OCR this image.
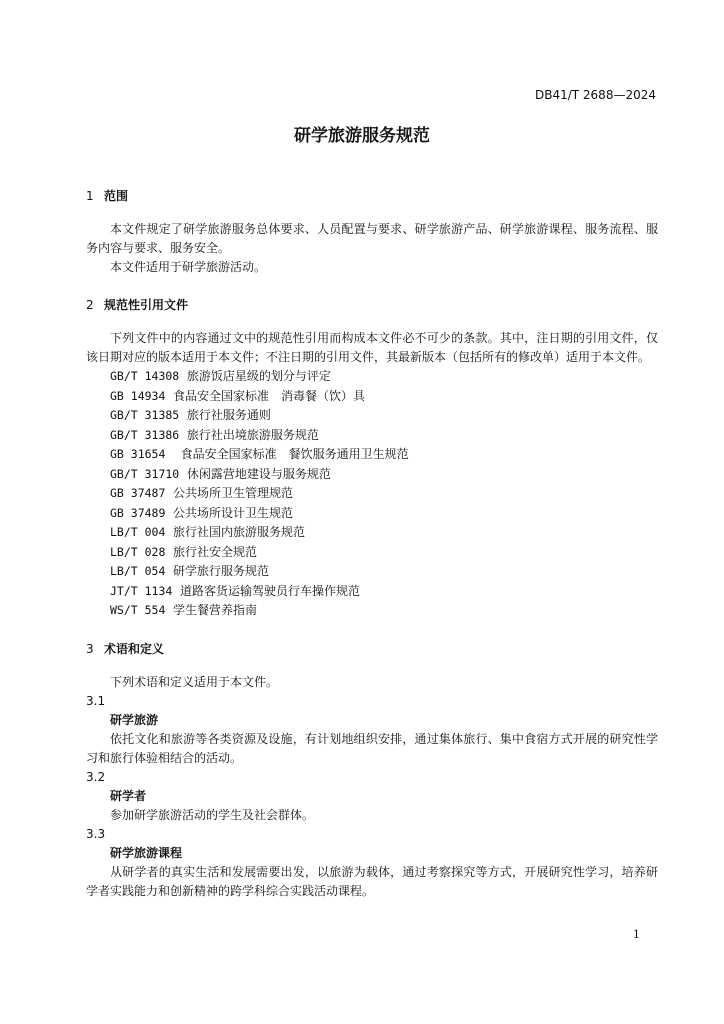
DB41/T 2688—2024
研学旅游服务规范
1 范围

本文件规定了研学旅游服务总体要求、人员配置与要求、研学旅游产品、研学旅游课程、服务流程、服务内容与要求、服务安全。

本文件适用于研学旅游活动。

2 规范性引用文件

下列文件中的内容通过文中的规范性引用而构成本文件必不可少的条款。其中，注日期的引用文件，仅该日期对应的版本适用于本文件；不注日期的引用文件，其最新版本（包括所有的修改单）适用于本文件。

GB/T 14308 旅游饭店星级的划分与评定
GB 14934 食品安全国家标准　消毒餐（饮）具
GB/T 31385 旅行社服务通则
GB/T 31386 旅行社出境旅游服务规范
GB 31654 食品安全国家标准　餐饮服务通用卫生规范
GB/T 31710 休闲露营地建设与服务规范
GB 37487 公共场所卫生管理规范
GB 37489 公共场所设计卫生规范
LB/T 004 旅行社国内旅游服务规范
LB/T 028 旅行社安全规范
LB/T 054 研学旅行服务规范
JT/T 1134 道路客货运输驾驶员行车操作规范
WS/T 554 学生餐营养指南
3 术语和定义

下列术语和定义适用于本文件。

3.1
研学旅游

依托文化和旅游等各类资源及设施，有计划地组织安排，通过集体旅行、集中食宿方式开展的研究性学习和旅行体验相结合的活动。

3.2
研学者

参加研学旅游活动的学生及社会群体。

3.3
研学旅游课程

从研学者的真实生活和发展需要出发，以旅游为载体，通过考察探究等方式，开展研究性学习，培养研学者实践能力和创新精神的跨学科综合实践活动课程。

1
